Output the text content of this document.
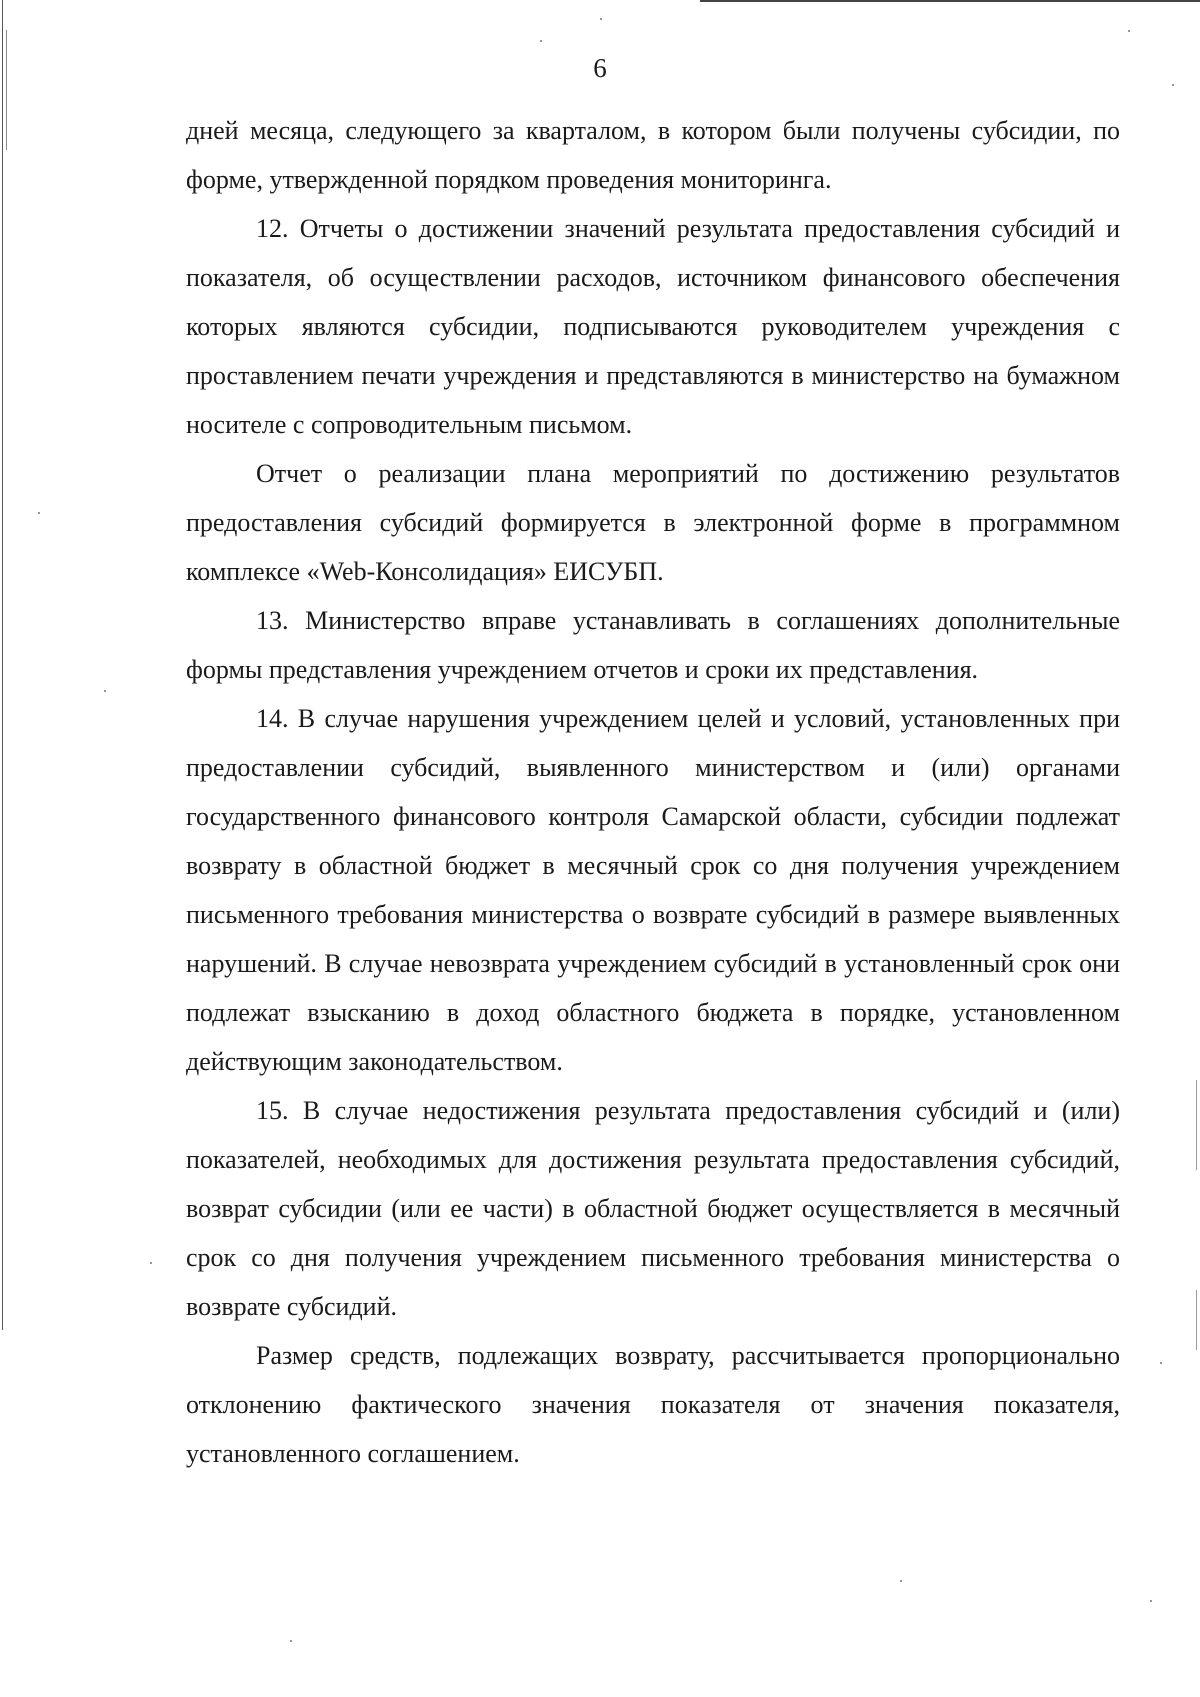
6

дней месяца, следующего за кварталом, в котором были получены субсидии, по форме, утвержденной порядком проведения мониторинга.

12. Отчеты о достижении значений результата предоставления субсидий и показателя, об осуществлении расходов, источником финансового обеспечения которых являются субсидии, подписываются руководителем учреждения с проставлением печати учреждения и представляются в министерство на бумажном носителе с сопроводительным письмом.

Отчет о реализации плана мероприятий по достижению результатов предоставления субсидий формируется в электронной форме в программном комплексе «Web-Консолидация» ЕИСУБП.

13. Министерство вправе устанавливать в соглашениях дополнительные формы представления учреждением отчетов и сроки их представления.

14. В случае нарушения учреждением целей и условий, установленных при предоставлении субсидий, выявленного министерством и (или) органами государственного финансового контроля Самарской области, субсидии подлежат возврату в областной бюджет в месячный срок со дня получения учреждением письменного требования министерства о возврате субсидий в размере выявленных нарушений. В случае невозврата учреждением субсидий в установленный срок они подлежат взысканию в доход областного бюджета в порядке, установленном действующим законодательством.

15. В случае недостижения результата предоставления субсидий и (или) показателей, необходимых для достижения результата предоставления субсидий, возврат субсидии (или ее части) в областной бюджет осуществляется в месячный срок со дня получения учреждением письменного требования министерства о возврате субсидий.

Размер средств, подлежащих возврату, рассчитывается пропорционально отклонению фактического значения показателя от значения показателя, установленного соглашением.
